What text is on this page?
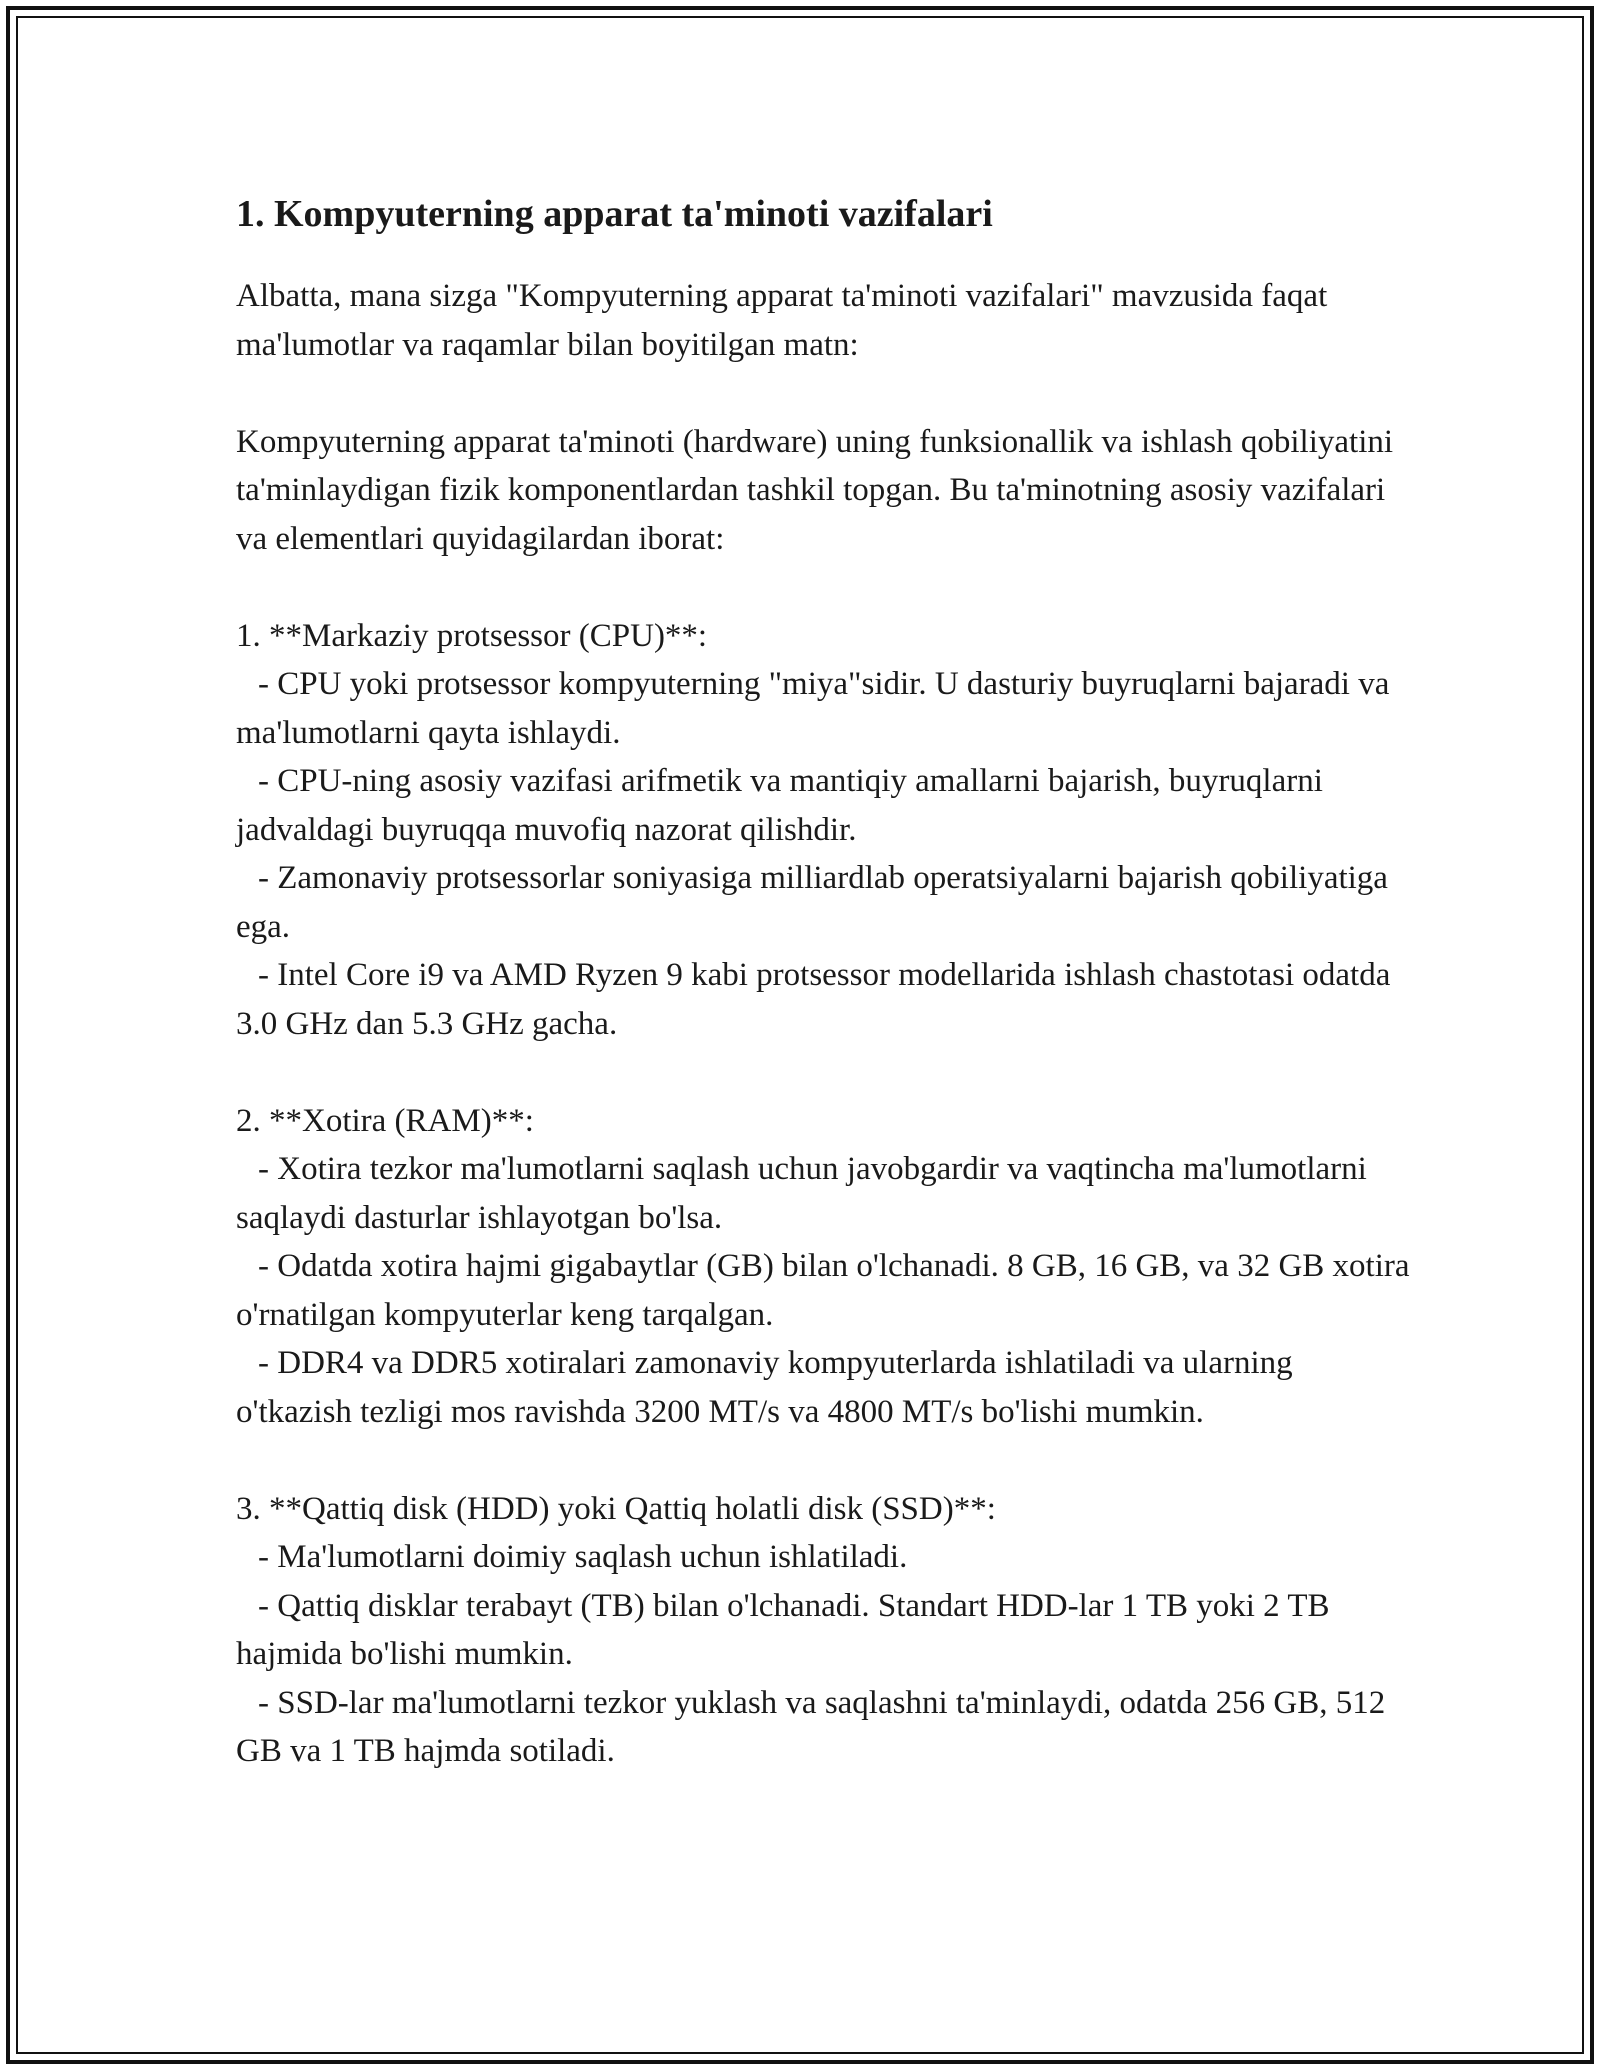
1. Kompyuterning apparat ta'minoti vazifalari

Albatta, mana sizga "Kompyuterning apparat ta'minoti vazifalari" mavzusida faqat ma'lumotlar va raqamlar bilan boyitilgan matn:

Kompyuterning apparat ta'minoti (hardware) uning funksionallik va ishlash qobiliyatini ta'minlaydigan fizik komponentlardan tashkil topgan. Bu ta'minotning asosiy vazifalari va elementlari quyidagilardan iborat:

1. **Markaziy protsessor (CPU)**:

- CPU yoki protsessor kompyuterning "miya"sidir. U dasturiy buyruqlarni bajaradi va ma'lumotlarni qayta ishlaydi.

- CPU-ning asosiy vazifasi arifmetik va mantiqiy amallarni bajarish, buyruqlarni jadvaldagi buyruqqa muvofiq nazorat qilishdir.

- Zamonaviy protsessorlar soniyasiga milliardlab operatsiyalarni bajarish qobiliyatiga ega.

- Intel Core i9 va AMD Ryzen 9 kabi protsessor modellarida ishlash chastotasi odatda 3.0 GHz dan 5.3 GHz gacha.

2. **Xotira (RAM)**:

- Xotira tezkor ma'lumotlarni saqlash uchun javobgardir va vaqtincha ma'lumotlarni saqlaydi dasturlar ishlayotgan bo'lsa.

- Odatda xotira hajmi gigabaytlar (GB) bilan o'lchanadi. 8 GB, 16 GB, va 32 GB xotira o'rnatilgan kompyuterlar keng tarqalgan.

- DDR4 va DDR5 xotiralari zamonaviy kompyuterlarda ishlatiladi va ularning o'tkazish tezligi mos ravishda 3200 MT/s va 4800 MT/s bo'lishi mumkin.

3. **Qattiq disk (HDD) yoki Qattiq holatli disk (SSD)**:

- Ma'lumotlarni doimiy saqlash uchun ishlatiladi.

- Qattiq disklar terabayt (TB) bilan o'lchanadi. Standart HDD-lar 1 TB yoki 2 TB hajmida bo'lishi mumkin.

- SSD-lar ma'lumotlarni tezkor yuklash va saqlashni ta'minlaydi, odatda 256 GB, 512 GB va 1 TB hajmda sotiladi.
